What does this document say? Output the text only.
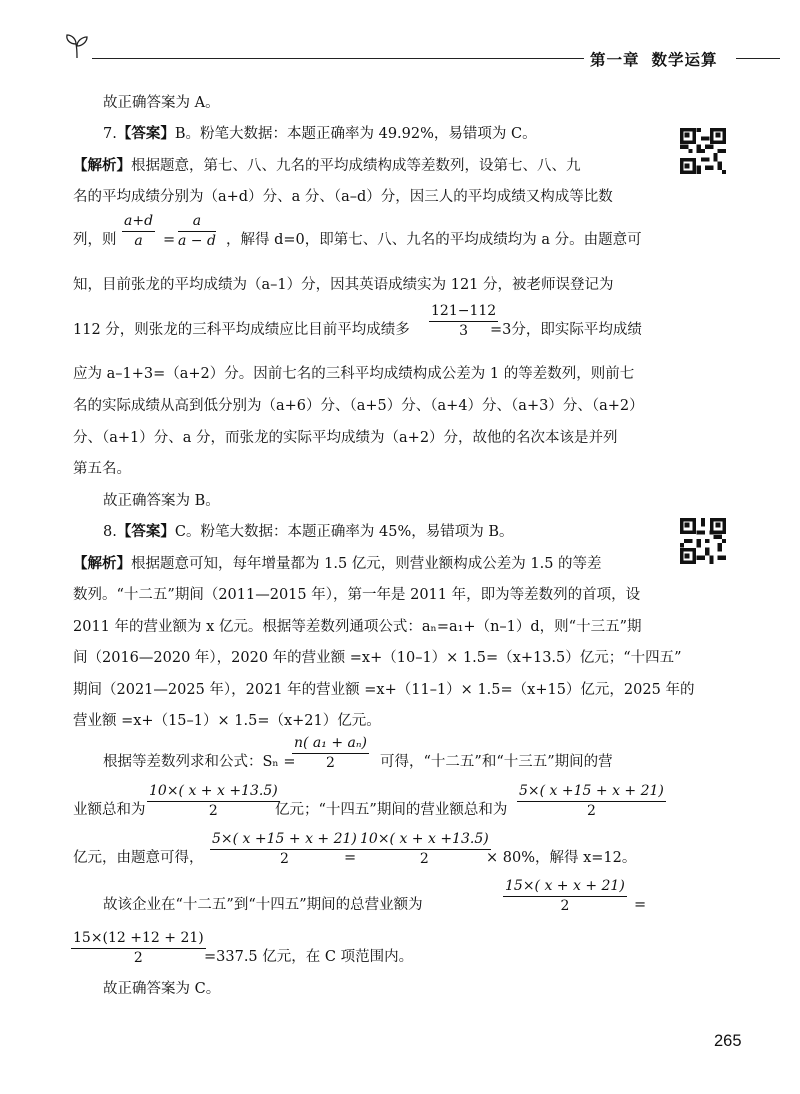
第一章 数学运算
故正确答案为 A。
7.【答案】B。粉笔大数据：本题正确率为 49.92%，易错项为 C。
【解析】根据题意，第七、八、九名的平均成绩构成等差数列，设第七、八、九
名的平均成绩分别为（a+d）分、a 分、（a–d）分，因三人的平均成绩又构成等比数
列，则 $\frac{a+d}{a} = \frac{a}{a - d}$ ，解得 d=0，即第七、八、九名的平均成绩均为 a 分。由题意可
知，目前张龙的平均成绩为（a–1）分，因其英语成绩实为 121 分，被老师误登记为
112 分，则张龙的三科平均成绩应比目前平均成绩多 $\frac{121-112}{3}$
=3分，即实际平均成绩
应为 a–1+3=（a+2）分。因前七名的三科平均成绩构成公差为 1 的等差数列，则前七
名的实际成绩从高到低分别为（a+6）分、（a+5）分、（a+4）分、（a+3）分、（a+2）
分、（a+1）分、a 分，而张龙的实际平均成绩为（a+2）分，故他的名次本该是并列
第五名。
故正确答案为 B。
8.【答案】C。粉笔大数据：本题正确率为 45%，易错项为 B。
【解析】根据题意可知，每年增量都为 1.5 亿元，则营业额构成公差为 1.5 的等差
数列。“十二五”期间（2011—2015 年），第一年是 2011 年，即为等差数列的首项，设
2011 年的营业额为 x 亿元。根据等差数列通项公式：aₙ=a₁+（n–1）d，则“十三五”期
间（2016—2020 年），2020 年的营业额 =x+（10–1）× 1.5=（x+13.5）亿元；“十四五”
期间（2021—2025 年），2021 年的营业额 =x+（11–1）× 1.5=（x+15）亿元，2025 年的
营业额 =x+（15–1）× 1.5=（x+21）亿元。
根据等差数列求和公式：Sₙ =
$\frac{\text{n( a₁ + aₙ)}}{2}$ 可得，“十二五”和“十三五”期间的营
业额总和为 $\frac{10\times( x + x +13.5)}{2}$
亿元；“十四五”期间的营业额总和为 $\frac{5\times( x +15 + x + 21)}{2}$
亿元，由题意可得， $\frac{5\times( x +15 + x + 21)}{2}$
= $\frac{10\times( x + x +13.5)}{2}$
× 80%，解得 x=12。
故该企业在“十二五”到“十四五”期间的总营业额为	$\frac{15\times( x + x + 21)}{2}$ =
$\frac{15\times(12 +12 + 21)}{2}$
=337.5 亿元，在 C 项范围内。
故正确答案为 C。
265
